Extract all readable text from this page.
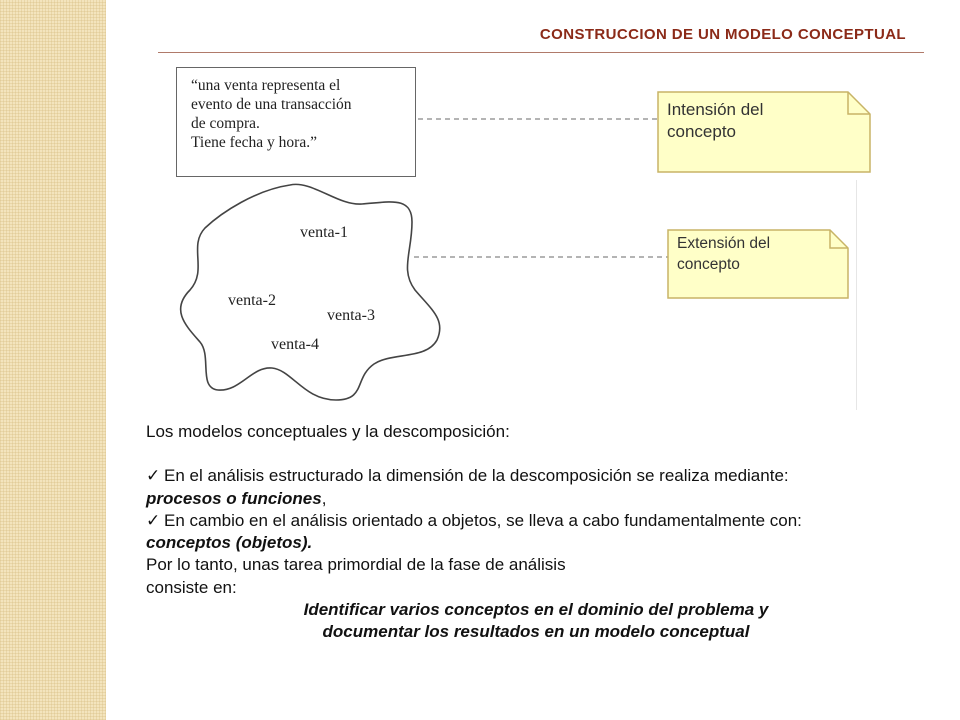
CONSTRUCCION DE UN MODELO CONCEPTUAL
“una venta representa el
evento de una transacción
de compra.
Tiene fecha y hora.”
Intensión del
concepto
Extensión del
concepto
venta-1
venta-2
venta-3
venta-4

Los modelos conceptuales y la descomposición:

✓ En el análisis estructurado la dimensión de la descomposición se realiza mediante:

procesos o funciones,

✓ En cambio en el análisis orientado a objetos, se lleva a cabo fundamentalmente con:

conceptos (objetos).

Por lo tanto, unas tarea primordial de la fase de análisis

consiste en:

Identificar varios conceptos en el dominio del problema y

documentar los resultados en un modelo conceptual
